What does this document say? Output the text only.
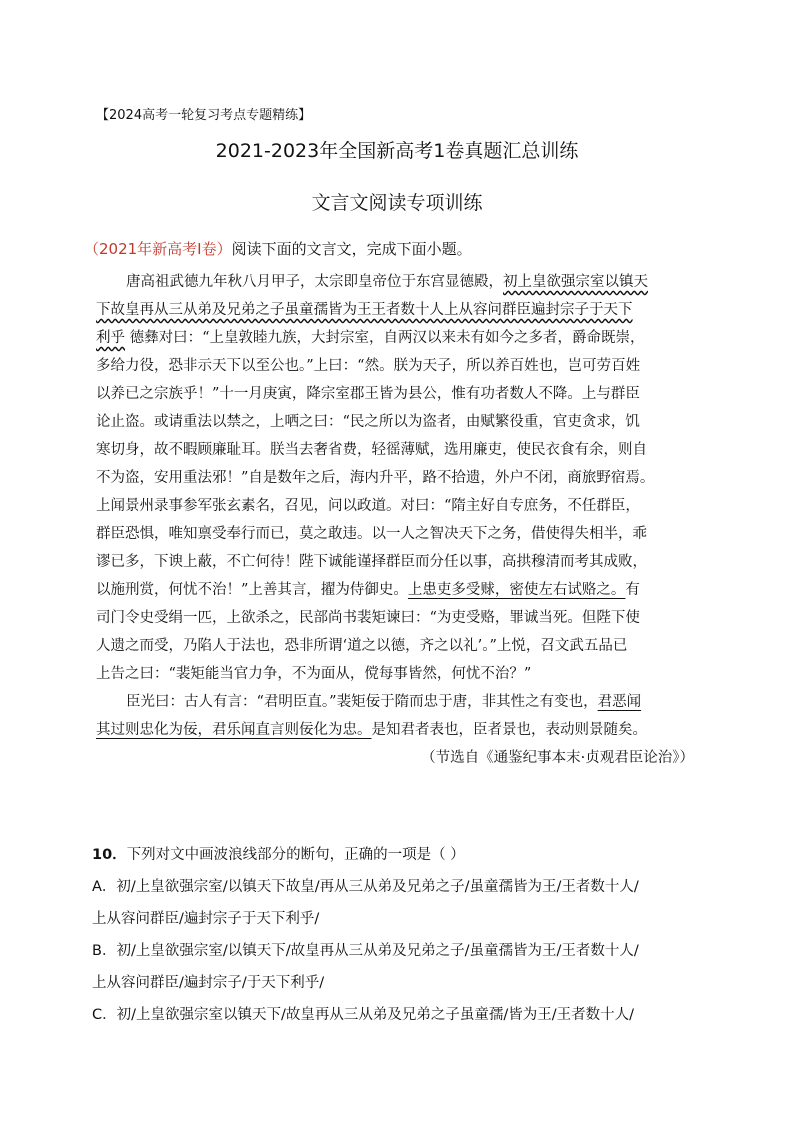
【2024高考一轮复习考点专题精练】
2021-2023年全国新高考1卷真题汇总训练
文言文阅读专项训练
（2021年新高考Ⅰ卷）阅读下面的文言文，完成下面小题。
唐高祖武德九年秋八月甲子，太宗即皇帝位于东宫显德殿，初上皇欲强宗室以镇天
下故皇再从三从弟及兄弟之子虽童孺皆为王王者数十人上从容问群臣遍封宗子于天下
利乎 德彝对曰：“上皇敦睦九族，大封宗室，自两汉以来未有如今之多者，爵命既崇，
多给力役，恐非示天下以至公也。”上曰：“然。朕为天子，所以养百姓也，岂可劳百姓
以养已之宗族乎！”十一月庚寅，降宗室郡王皆为县公，惟有功者数人不降。上与群臣
论止盗。或请重法以禁之，上哂之曰：“民之所以为盗者，由赋繁役重，官吏贪求，饥
寒切身，故不暇顾廉耻耳。朕当去奢省费，轻徭薄赋，选用廉吏，使民衣食有余，则自
不为盗，安用重法邪！”自是数年之后，海内升平，路不拾遗，外户不闭，商旅野宿焉。
上闻景州录事参军张玄素名，召见，问以政道。对曰：“隋主好自专庶务，不任群臣，
群臣恐惧，唯知禀受奉行而已，莫之敢违。以一人之智决天下之务，借使得失相半，乖
谬已多，下谀上蔽，不亡何待！陛下诚能谨择群臣而分任以事，高拱穆清而考其成败，
以施刑赏，何忧不治！”上善其言，擢为侍御史。上患吏多受赇，密使左右试赂之。有
司门令史受绢一匹，上欲杀之，民部尚书裴矩谏曰：“为吏受赂，罪诚当死。但陛下使
人遗之而受，乃陷人于法也，恐非所谓‘道之以德，齐之以礼’。”上悦，召文武五品已
上告之曰：“裴矩能当官力争，不为面从，傥每事皆然，何忧不治？”
臣光曰：古人有言：“君明臣直。”裴矩佞于隋而忠于唐，非其性之有变也，君恶闻
其过则忠化为佞，君乐闻直言则佞化为忠。是知君者表也，臣者景也，表动则景随矣。
（节选自《通鉴纪事本末·贞观君臣论治》）
10．下列对文中画波浪线部分的断句，正确的一项是（ ）
A．初/上皇欲强宗室/以镇天下故皇/再从三从弟及兄弟之子/虽童孺皆为王/王者数十人/
上从容问群臣/遍封宗子于天下利乎/
B．初/上皇欲强宗室/以镇天下/故皇再从三从弟及兄弟之子/虽童孺皆为王/王者数十人/
上从容问群臣/遍封宗子/于天下利乎/
C．初/上皇欲强宗室以镇天下/故皇再从三从弟及兄弟之子虽童孺/皆为王/王者数十人/
